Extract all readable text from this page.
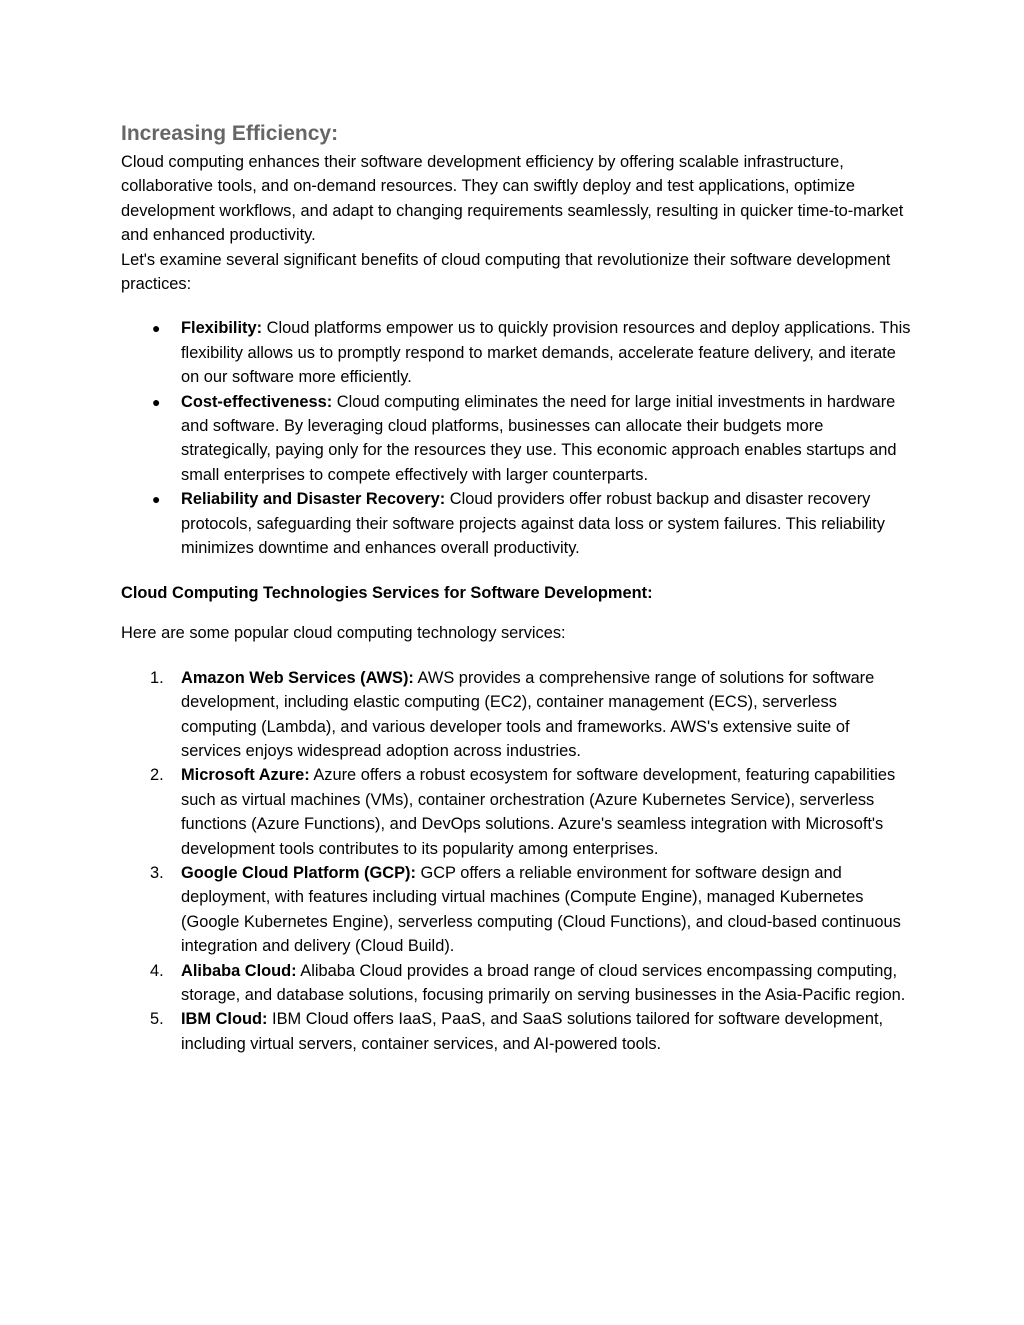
Increasing Efficiency:

Cloud computing enhances their software development efficiency by offering scalable infrastructure, collaborative tools, and on-demand resources. They can swiftly deploy and test applications, optimize development workflows, and adapt to changing requirements seamlessly, resulting in quicker time-to-market and enhanced productivity.

Let's examine several significant benefits of cloud computing that revolutionize their software development practices:

●	Flexibility: Cloud platforms empower us to quickly provision resources and deploy applications. This flexibility allows us to promptly respond to market demands, accelerate feature delivery, and iterate on our software more efficiently.
●	Cost-effectiveness: Cloud computing eliminates the need for large initial investments in hardware and software. By leveraging cloud platforms, businesses can allocate their budgets more strategically, paying only for the resources they use. This economic approach enables startups and small enterprises to compete effectively with larger counterparts.
●	Reliability and Disaster Recovery: Cloud providers offer robust backup and disaster recovery protocols, safeguarding their software projects against data loss or system failures. This reliability minimizes downtime and enhances overall productivity.

Cloud Computing Technologies Services for Software Development:

Here are some popular cloud computing technology services:

1.	Amazon Web Services (AWS): AWS provides a comprehensive range of solutions for software development, including elastic computing (EC2), container management (ECS), serverless computing (Lambda), and various developer tools and frameworks. AWS's extensive suite of services enjoys widespread adoption across industries.
2.	Microsoft Azure: Azure offers a robust ecosystem for software development, featuring capabilities such as virtual machines (VMs), container orchestration (Azure Kubernetes Service), serverless functions (Azure Functions), and DevOps solutions. Azure's seamless integration with Microsoft's development tools contributes to its popularity among enterprises.
3.	Google Cloud Platform (GCP): GCP offers a reliable environment for software design and deployment, with features including virtual machines (Compute Engine), managed Kubernetes (Google Kubernetes Engine), serverless computing (Cloud Functions), and cloud-based continuous integration and delivery (Cloud Build).
4.	Alibaba Cloud: Alibaba Cloud provides a broad range of cloud services encompassing computing, storage, and database solutions, focusing primarily on serving businesses in the Asia-Pacific region.
5.	IBM Cloud: IBM Cloud offers IaaS, PaaS, and SaaS solutions tailored for software development, including virtual servers, container services, and AI-powered tools.
